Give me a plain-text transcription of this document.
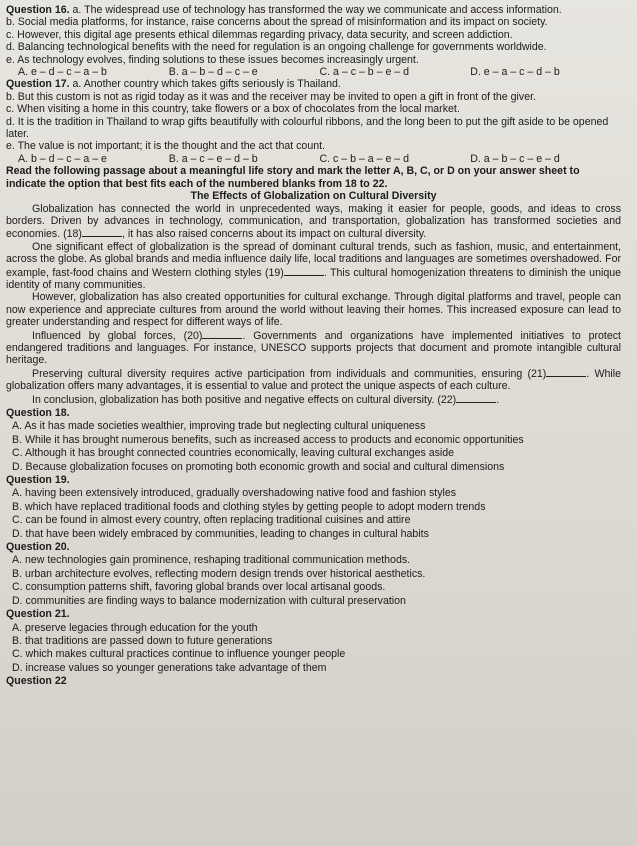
Question 16. a. The widespread use of technology has transformed the way we communicate and access information.

b. Social media platforms, for instance, raise concerns about the spread of misinformation and its impact on society.

c. However, this digital age presents ethical dilemmas regarding privacy, data security, and screen addiction.

d. Balancing technological benefits with the need for regulation is an ongoing challenge for governments worldwide.

e. As technology evolves, finding solutions to these issues becomes increasingly urgent.

A. e – d – c – a – b	B. a – b – d – c – e	C. a – c – b – e – d	D. e – a – c – d – b

Question 17. a. Another country which takes gifts seriously is Thailand.

b. But this custom is not as rigid today as it was and the receiver may be invited to open a gift in front of the giver.

c. When visiting a home in this country, take flowers or a box of chocolates from the local market.

d. It is the tradition in Thailand to wrap gifts beautifully with colourful ribbons, and the long been to put the gift aside to be opened later.

e. The value is not important; it is the thought and the act that count.

A. b – d – c – a – e	B. a – c – e – d – b	C. c – b – a – e – d	D. a – b – c – e – d

Read the following passage about a meaningful life story and mark the letter A, B, C, or D on your answer sheet to indicate the option that best fits each of the numbered blanks from 18 to 22.

The Effects of Globalization on Cultural Diversity

Globalization has connected the world in unprecedented ways, making it easier for people, goods, and ideas to cross borders. Driven by advances in technology, communication, and transportation, globalization has transformed societies and economies. (18)	, it has also raised concerns about its impact on cultural diversity.

One significant effect of globalization is the spread of dominant cultural trends, such as fashion, music, and entertainment, across the globe. As global brands and media influence daily life, local traditions and languages are sometimes overshadowed. For example, fast-food chains and Western clothing styles (19)	. This cultural homogenization threatens to diminish the unique identity of many communities.

However, globalization has also created opportunities for cultural exchange. Through digital platforms and travel, people can now experience and appreciate cultures from around the world without leaving their homes. This increased exposure can lead to greater understanding and respect for different ways of life.

Influenced by global forces, (20)	. Governments and organizations have implemented initiatives to protect endangered traditions and languages. For instance, UNESCO supports projects that document and promote intangible cultural heritage.

Preserving cultural diversity requires active participation from individuals and communities, ensuring (21)	. While globalization offers many advantages, it is essential to value and protect the unique aspects of each culture.

In conclusion, globalization has both positive and negative effects on cultural diversity. (22)	.

Question 18.

A. As it has made societies wealthier, improving trade but neglecting cultural uniqueness

B. While it has brought numerous benefits, such as increased access to products and economic opportunities

C. Although it has brought connected countries economically, leaving cultural exchanges aside

D. Because globalization focuses on promoting both economic growth and social and cultural dimensions

Question 19.

A. having been extensively introduced, gradually overshadowing native food and fashion styles

B. which have replaced traditional foods and clothing styles by getting people to adopt modern trends

C. can be found in almost every country, often replacing traditional cuisines and attire

D. that have been widely embraced by communities, leading to changes in cultural habits

Question 20.

A. new technologies gain prominence, reshaping traditional communication methods.

B. urban architecture evolves, reflecting modern design trends over historical aesthetics.

C. consumption patterns shift, favoring global brands over local artisanal goods.

D. communities are finding ways to balance modernization with cultural preservation

Question 21.

A. preserve legacies through education for the youth

B. that traditions are passed down to future generations

C. which makes cultural practices continue to influence younger people

D. increase values so younger generations take advantage of them

Question 22
